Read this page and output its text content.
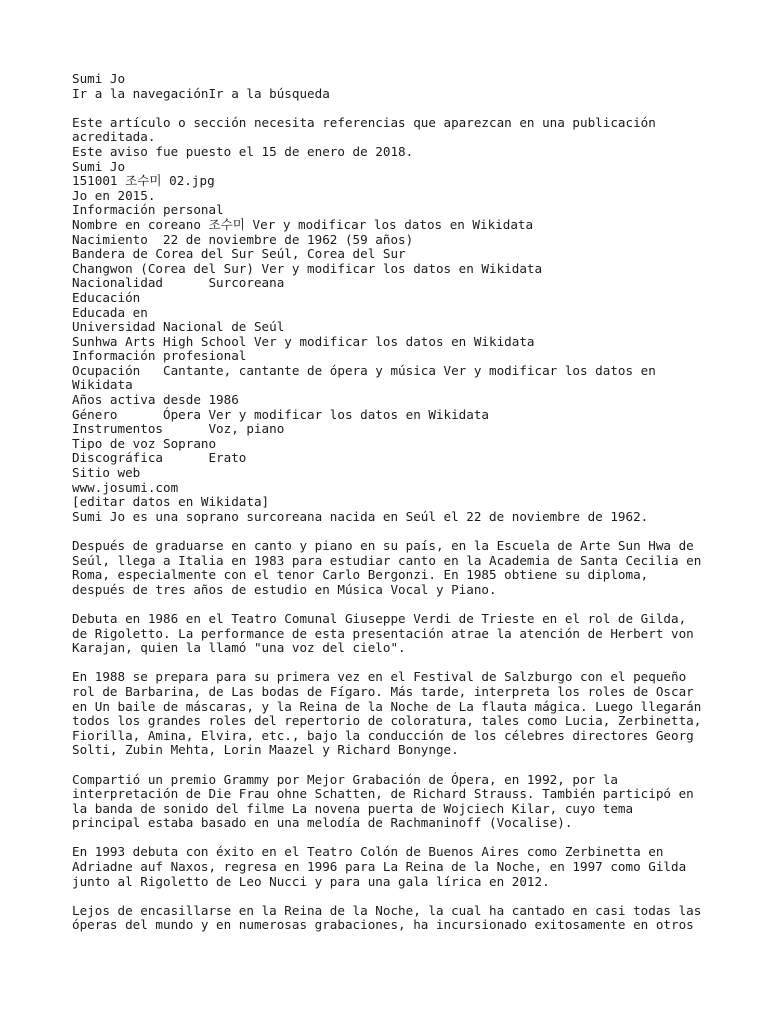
Sumi Jo
Ir a la navegaciónIr a la búsqueda
Este artículo o sección necesita referencias que aparezcan en una publicación
acreditada.
Este aviso fue puesto el 15 de enero de 2018.
Sumi Jo
151001 조수미 02.jpg
Jo en 2015.
Información personal
Nombre en coreano 조수미 Ver y modificar los datos en Wikidata
Nacimiento  22 de noviembre de 1962 (59 años)
Bandera de Corea del Sur Seúl, Corea del Sur
Changwon (Corea del Sur) Ver y modificar los datos en Wikidata
Nacionalidad      Surcoreana
Educación
Educada en
Universidad Nacional de Seúl
Sunhwa Arts High School Ver y modificar los datos en Wikidata
Información profesional
Ocupación   Cantante, cantante de ópera y música Ver y modificar los datos en
Wikidata
Años activa desde 1986
Género      Ópera Ver y modificar los datos en Wikidata
Instrumentos      Voz, piano
Tipo de voz Soprano
Discográfica      Erato
Sitio web
www.josumi.com
[editar datos en Wikidata]
Sumi Jo es una soprano surcoreana nacida en Seúl el 22 de noviembre de 1962.
Después de graduarse en canto y piano en su país, en la Escuela de Arte Sun Hwa de
Seúl, llega a Italia en 1983 para estudiar canto en la Academia de Santa Cecilia en
Roma, especialmente con el tenor Carlo Bergonzi. En 1985 obtiene su diploma,
después de tres años de estudio en Música Vocal y Piano.
Debuta en 1986 en el Teatro Comunal Giuseppe Verdi de Trieste en el rol de Gilda,
de Rigoletto. La performance de esta presentación atrae la atención de Herbert von
Karajan, quien la llamó "una voz del cielo".
En 1988 se prepara para su primera vez en el Festival de Salzburgo con el pequeño
rol de Barbarina, de Las bodas de Fígaro. Más tarde, interpreta los roles de Oscar
en Un baile de máscaras, y la Reina de la Noche de La flauta mágica. Luego llegarán
todos los grandes roles del repertorio de coloratura, tales como Lucia, Zerbinetta,
Fiorilla, Amina, Elvira, etc., bajo la conducción de los célebres directores Georg
Solti, Zubin Mehta, Lorin Maazel y Richard Bonynge.
Compartió un premio Grammy por Mejor Grabación de Ópera, en 1992, por la
interpretación de Die Frau ohne Schatten, de Richard Strauss. También participó en
la banda de sonido del filme La novena puerta de Wojciech Kilar, cuyo tema
principal estaba basado en una melodía de Rachmaninoff (Vocalise).
En 1993 debuta con éxito en el Teatro Colón de Buenos Aires como Zerbinetta en
Adriadne auf Naxos, regresa en 1996 para La Reina de la Noche, en 1997 como Gilda
junto al Rigoletto de Leo Nucci y para una gala lírica en 2012.
Lejos de encasillarse en la Reina de la Noche, la cual ha cantado en casi todas las
óperas del mundo y en numerosas grabaciones, ha incursionado exitosamente en otros
